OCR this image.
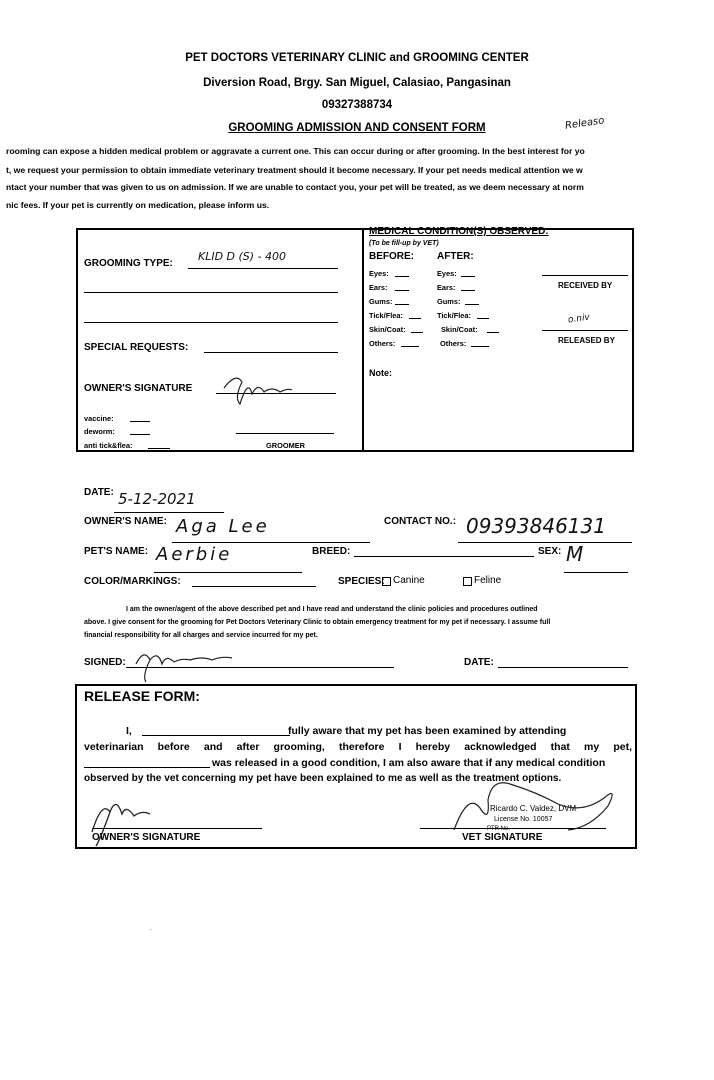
PET DOCTORS VETERINARY CLINIC and GROOMING CENTER
Diversion Road, Brgy. San Miguel, Calasiao, Pangasinan
09327388734
GROOMING ADMISSION AND CONSENT FORM	Releaso
rooming can expose a hidden medical problem or aggravate a current one. This can occur during or after grooming. In the best interest for yo
t, we request your permission to obtain immediate veterinary treatment should it become necessary. If your pet needs medical attention we w
ntact your number that was given to us on admission. If we are unable to contact you, your pet will be treated, as we deem necessary at norm
nic fees. If your pet is currently on medication, please inform us.
GROOMING TYPE:
KLID D (S) - 400
SPECIAL REQUESTS:
OWNER'S SIGNATURE
vaccine:
deworm:
anti tick&flea:	GROOMER
MEDICAL CONDITION(S) OBSERVED:
(To be fill-up by VET)
BEFORE: AFTER:
Eyes:	Eyes:
Ears:	Ears:
Gums:	Gums:
Tick/Flea:	Tick/Flea:
Skin/Coat:	Skin/Coat:
Others:	Others:
RECEIVED BY
o.niv
RELEASED BY
Note:
DATE: 5-12-2021
OWNER'S NAME: Aga Lee	CONTACT NO.: 09393846131
PET'S NAME: Aerbie	BREED:	SEX: M
COLOR/MARKINGS:	SPECIES: Canine	Feline
I am the owner/agent of the above described pet and I have read and understand the clinic policies and procedures outlined
above. I give consent for the grooming for Pet Doctors Veterinary Clinic to obtain emergency treatment for my pet if necessary. I assume full
financial responsibility for all charges and service incurred for my pet.
SIGNED:	DATE:
RELEASE FORM:
I,	fully aware that my pet has been examined by attending
veterinarian before and after grooming, therefore I hereby acknowledged that my pet,
was released in a good condition, I am also aware that if any medical condition
observed by the vet concerning my pet have been explained to me as well as the treatment options.
OWNER'S SIGNATURE	VET SIGNATURE
Ricardo C. Valdez, DVM
License No. 10057
PTR No.
.
